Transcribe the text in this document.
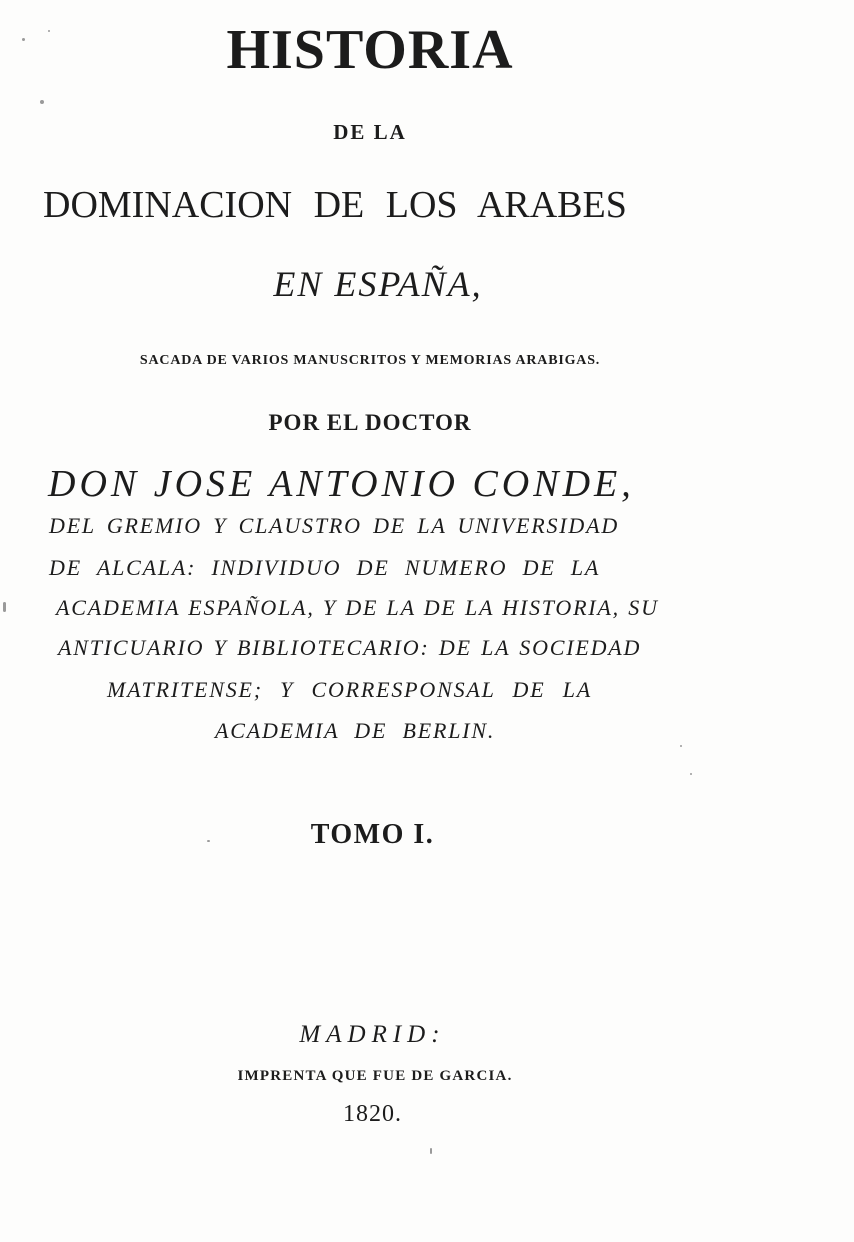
HISTORIA
DE LA
DOMINACION DE LOS ARABES
EN ESPAÑA,
SACADA DE VARIOS MANUSCRITOS Y MEMORIAS ARABIGAS.
POR EL DOCTOR
DON JOSE ANTONIO CONDE,
DEL GREMIO Y CLAUSTRO DE LA UNIVERSIDAD
DE ALCALA: INDIVIDUO DE NUMERO DE LA
ACADEMIA ESPAÑOLA, Y DE LA DE LA HISTORIA, SU
ANTICUARIO Y BIBLIOTECARIO: DE LA SOCIEDAD
MATRITENSE; Y CORRESPONSAL DE LA
ACADEMIA DE BERLIN.
TOMO I.
MADRID:
IMPRENTA QUE FUE DE GARCIA.
1820.
